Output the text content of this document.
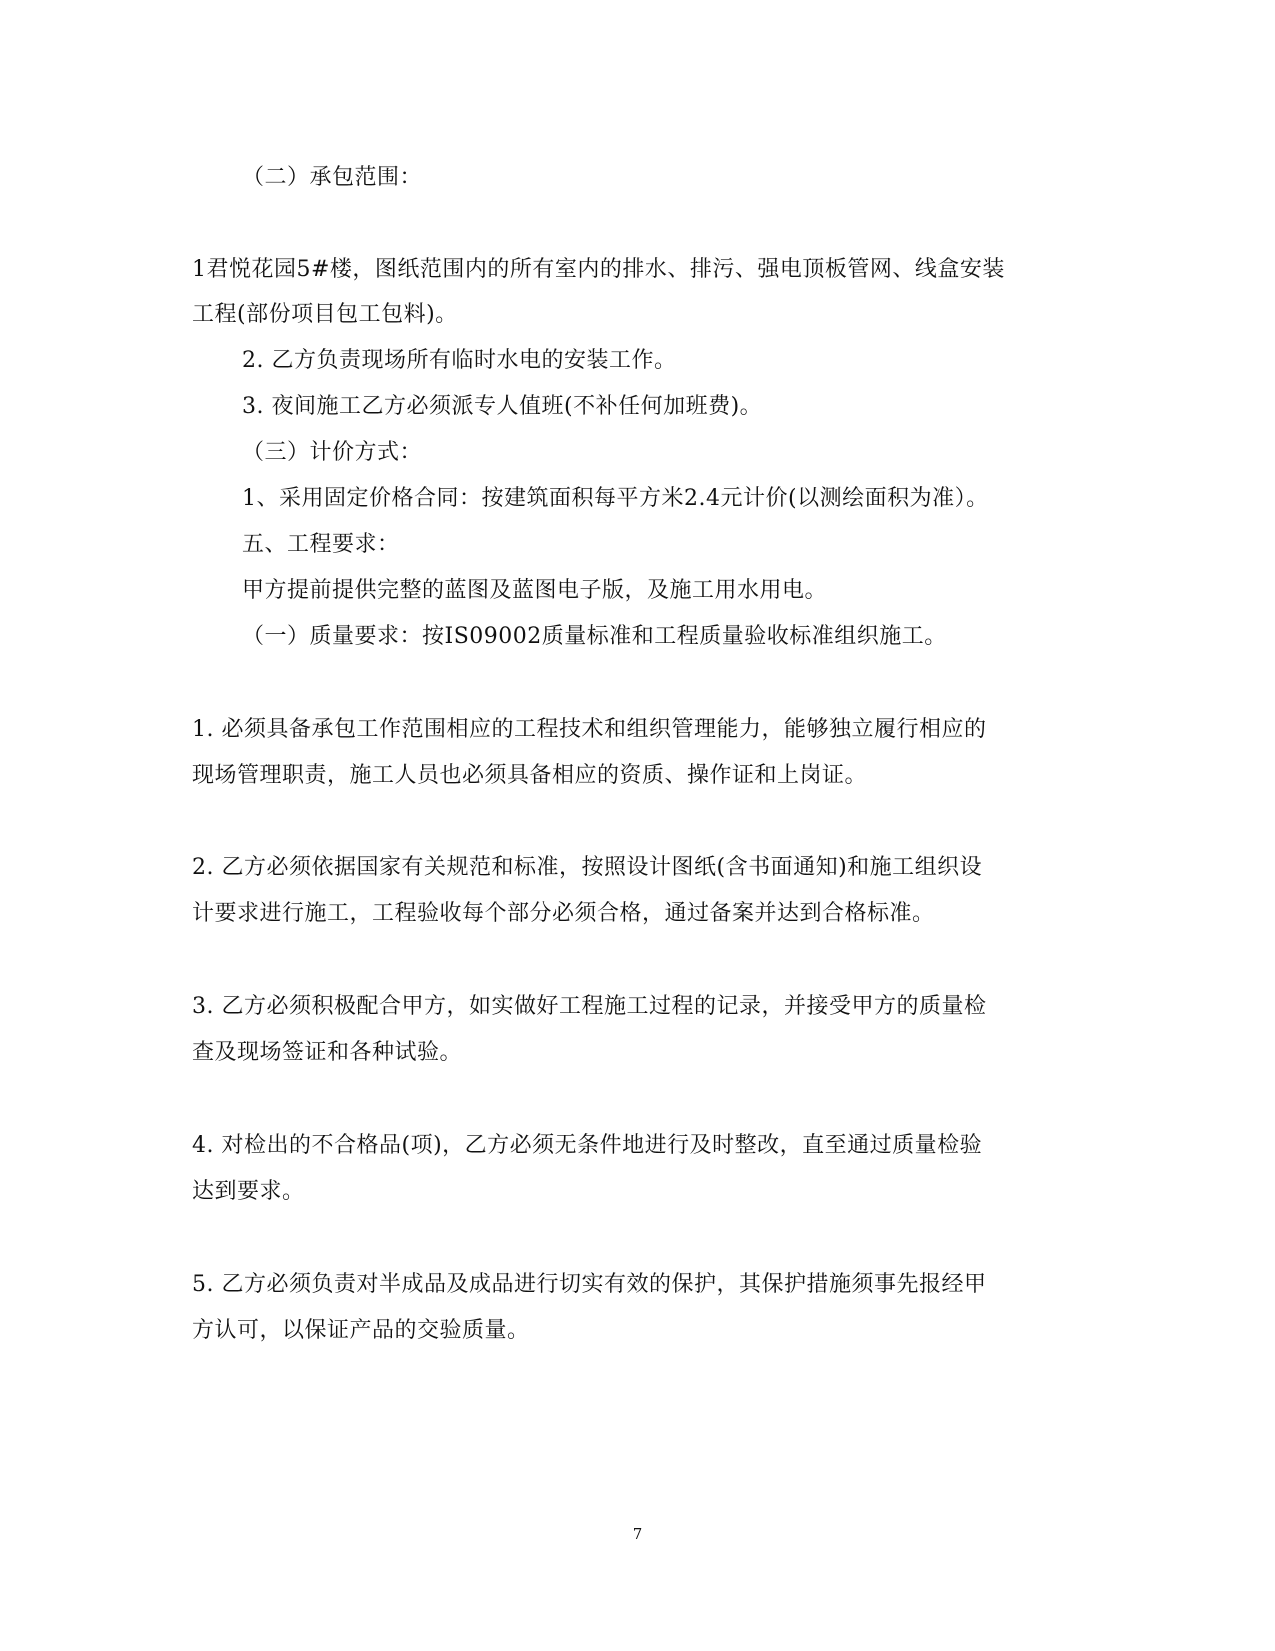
（二）承包范围：
1君悦花园5#楼，图纸范围内的所有室内的排水、排污、强电顶板管网、线盒安装
工程(部份项目包工包料)。
2. 乙方负责现场所有临时水电的安装工作。
3. 夜间施工乙方必须派专人值班(不补任何加班费)。
（三）计价方式：
1、采用固定价格合同：按建筑面积每平方米2.4元计价(以测绘面积为准）。
五、工程要求：
甲方提前提供完整的蓝图及蓝图电子版，及施工用水用电。
（一）质量要求：按IS09002质量标准和工程质量验收标准组织施工。
1. 必须具备承包工作范围相应的工程技术和组织管理能力，能够独立履行相应的
现场管理职责，施工人员也必须具备相应的资质、操作证和上岗证。
2. 乙方必须依据国家有关规范和标准，按照设计图纸(含书面通知)和施工组织设
计要求进行施工，工程验收每个部分必须合格，通过备案并达到合格标准。
3. 乙方必须积极配合甲方，如实做好工程施工过程的记录，并接受甲方的质量检
查及现场签证和各种试验。
4. 对检出的不合格品(项)，乙方必须无条件地进行及时整改，直至通过质量检验
达到要求。
5. 乙方必须负责对半成品及成品进行切实有效的保护，其保护措施须事先报经甲
方认可，以保证产品的交验质量。
7
